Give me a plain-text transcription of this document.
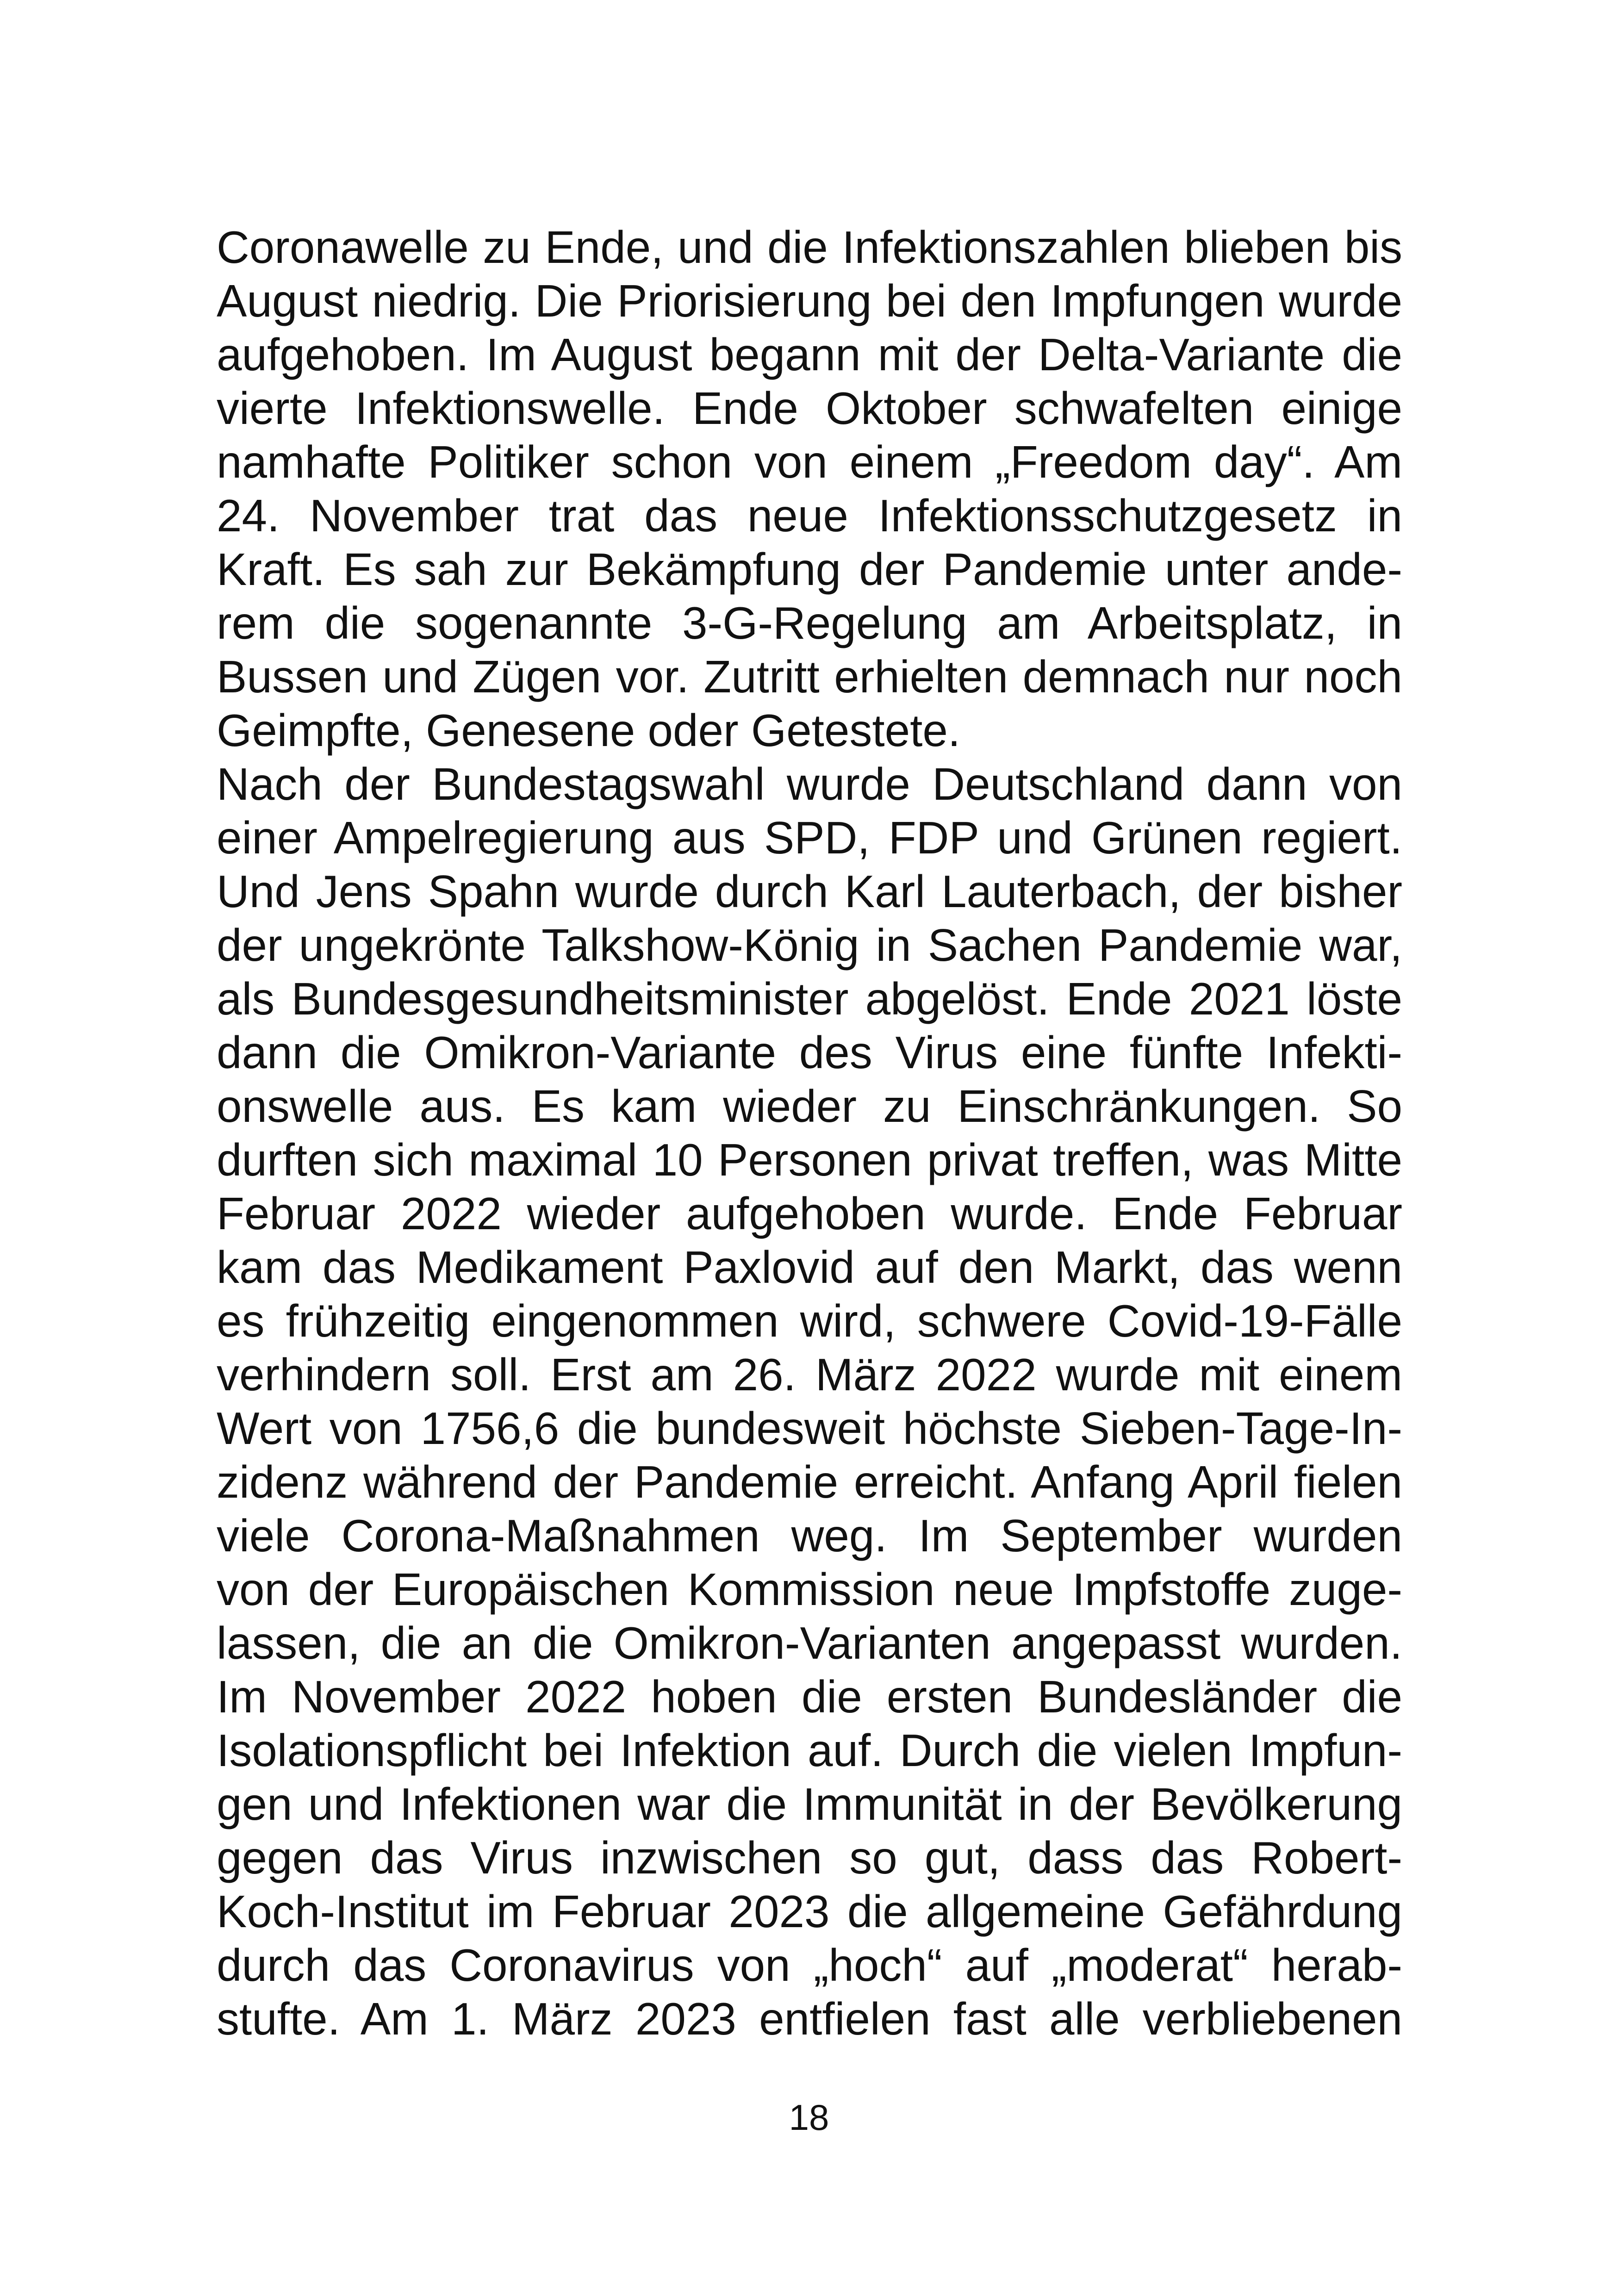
Coronawelle zu Ende, und die Infektionszahlen blieben bis
August niedrig. Die Priorisierung bei den Impfungen wurde
aufgehoben. Im August begann mit der Delta-Variante die
vierte Infektionswelle. Ende Oktober schwafelten einige
namhafte Politiker schon von einem „Freedom day“. Am
24. November trat das neue Infektionsschutzgesetz in
Kraft. Es sah zur Bekämpfung der Pandemie unter ande-
rem die sogenannte 3-G-Regelung am Arbeitsplatz, in
Bussen und Zügen vor. Zutritt erhielten demnach nur noch
Geimpfte, Genesene oder Getestete.
Nach der Bundestagswahl wurde Deutschland dann von
einer Ampelregierung aus SPD, FDP und Grünen regiert.
Und Jens Spahn wurde durch Karl Lauterbach, der bisher
der ungekrönte Talkshow-König in Sachen Pandemie war,
als Bundesgesundheitsminister abgelöst. Ende 2021 löste
dann die Omikron-Variante des Virus eine fünfte Infekti-
onswelle aus. Es kam wieder zu Einschränkungen. So
durften sich maximal 10 Personen privat treffen, was Mitte
Februar 2022 wieder aufgehoben wurde. Ende Februar
kam das Medikament Paxlovid auf den Markt, das wenn
es frühzeitig eingenommen wird, schwere Covid-19-Fälle
verhindern soll. Erst am 26. März 2022 wurde mit einem
Wert von 1756,6 die bundesweit höchste Sieben-Tage-In-
zidenz während der Pandemie erreicht. Anfang April fielen
viele Corona-Maßnahmen weg. Im September wurden
von der Europäischen Kommission neue Impfstoffe zuge-
lassen, die an die Omikron-Varianten angepasst wurden.
Im November 2022 hoben die ersten Bundesländer die
Isolationspflicht bei Infektion auf. Durch die vielen Impfun-
gen und Infektionen war die Immunität in der Bevölkerung
gegen das Virus inzwischen so gut, dass das Robert-
Koch-Institut im Februar 2023 die allgemeine Gefährdung
durch das Coronavirus von „hoch“ auf „moderat“ herab-
stufte. Am 1. März 2023 entfielen fast alle verbliebenen
18
